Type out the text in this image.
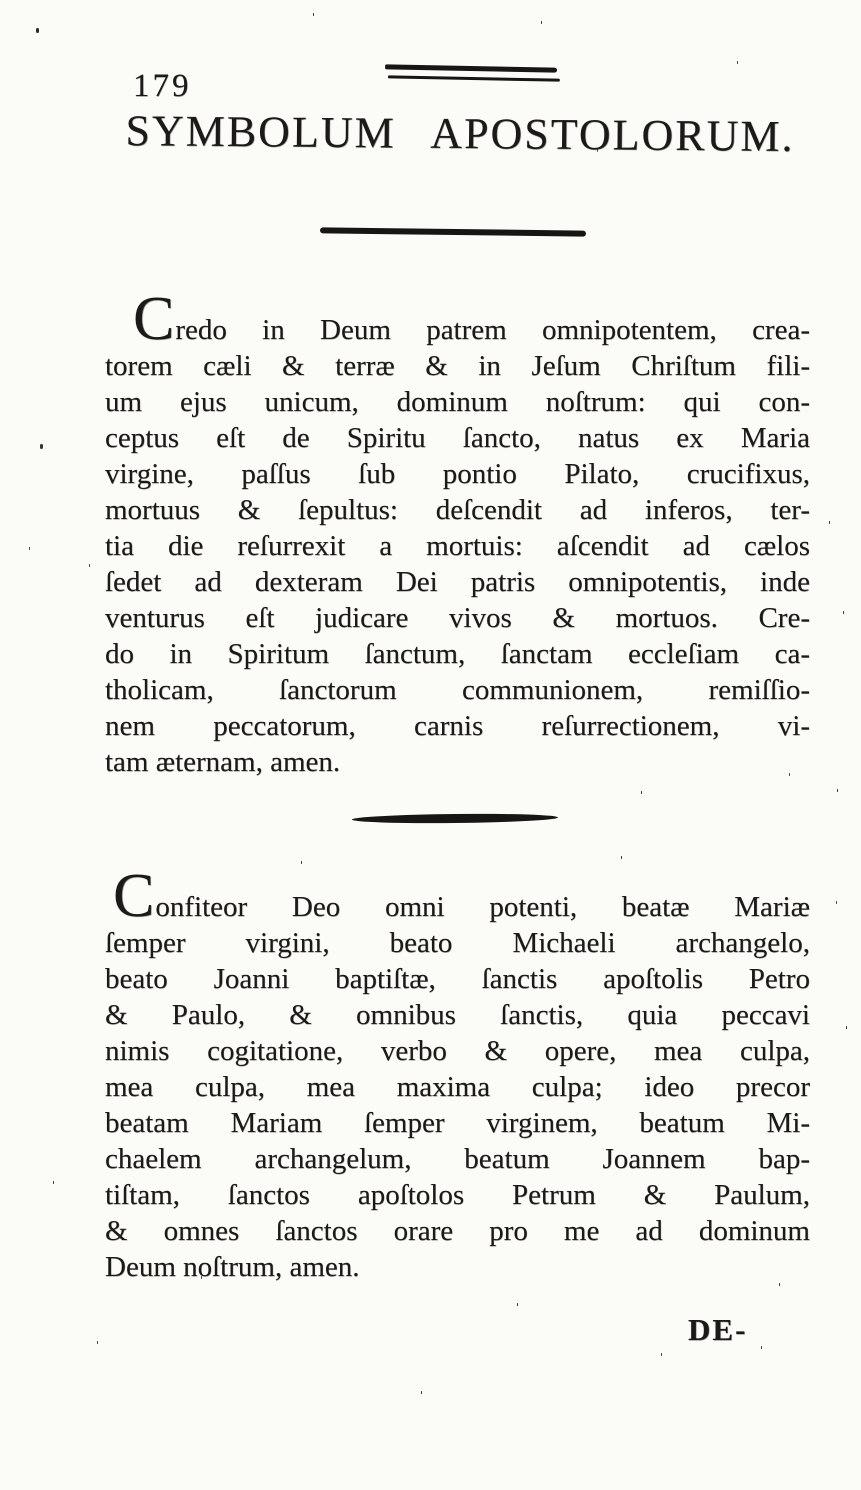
179
SYMBOLUM APOSTOLORUM.
Credo in Deum patrem omnipotentem, crea-
torem cæli & terræ & in Jeſum Chriſtum fili-
um ejus unicum, dominum noſtrum: qui con-
ceptus eſt de Spiritu ſancto, natus ex Maria
virgine, paſſus ſub pontio Pilato, crucifixus,
mortuus & ſepultus: deſcendit ad inferos, ter-
tia die reſurrexit a mortuis: aſcendit ad cælos
ſedet ad dexteram Dei patris omnipotentis, inde
venturus eſt judicare vivos & mortuos. Cre-
do in Spiritum ſanctum, ſanctam eccleſiam ca-
tholicam, ſanctorum communionem, remiſſio-
nem peccatorum, carnis reſurrectionem, vi-
tam æternam, amen.
Confiteor Deo omni potenti, beatæ Mariæ
ſemper virgini, beato Michaeli archangelo,
beato Joanni baptiſtæ, ſanctis apoſtolis Petro
& Paulo, & omnibus ſanctis, quia peccavi
nimis cogitatione, verbo & opere, mea culpa,
mea culpa, mea maxima culpa; ideo precor
beatam Mariam ſemper virginem, beatum Mi-
chaelem archangelum, beatum Joannem bap-
tiſtam, ſanctos apoſtolos Petrum & Paulum,
& omnes ſanctos orare pro me ad dominum
Deum noſtrum, amen.
DE-
